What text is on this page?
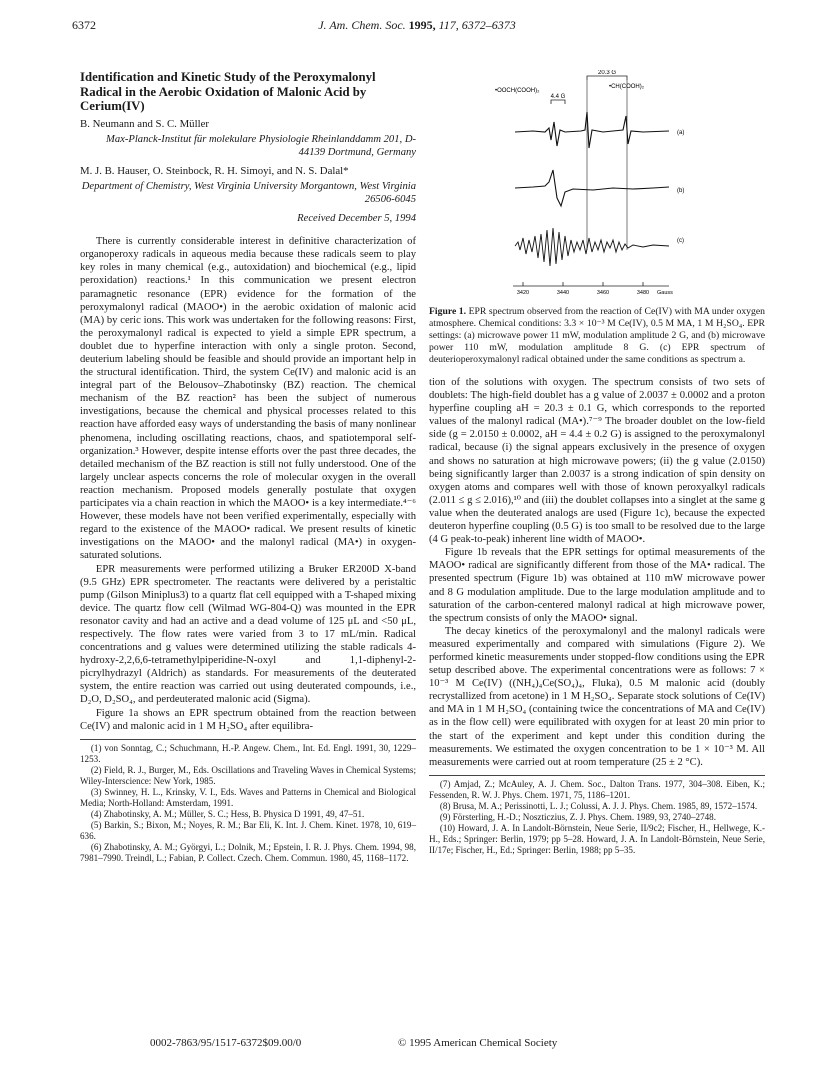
6372	J. Am. Chem. Soc. 1995, 117, 6372–6373
Identification and Kinetic Study of the Peroxymalonyl Radical in the Aerobic Oxidation of Malonic Acid by Cerium(IV)

B. Neumann and S. C. Müller

Max-Planck-Institut für molekulare Physiologie Rheinlanddamm 201, D-44139 Dortmund, Germany

M. J. B. Hauser, O. Steinbock, R. H. Simoyi, and N. S. Dalal*

Department of Chemistry, West Virginia University Morgantown, West Virginia 26506-6045

Received December 5, 1994

There is currently considerable interest in definitive characterization of organoperoxy radicals in aqueous media because these radicals seem to play key roles in many chemical (e.g., autoxidation) and biochemical (e.g., lipid peroxidation) reactions.¹ In this communication we present electron paramagnetic resonance (EPR) evidence for the formation of the peroxymalonyl radical (MAOO•) in the aerobic oxidation of malonic acid (MA) by ceric ions. This work was undertaken for the following reasons: First, the peroxymalonyl radical is expected to yield a simple EPR spectrum, a doublet due to hyperfine interaction with only a single proton. Second, deuterium labeling should be feasible and should provide an important help in the structural identification. Third, the system Ce(IV) and malonic acid is an integral part of the Belousov–Zhabotinsky (BZ) reaction. The chemical mechanism of the BZ reaction² has been the subject of numerous investigations, because the chemical and physical processes related to this reaction have afforded easy ways of understanding the basis of many nonlinear phenomena, including oscillating reactions, chaos, and spatiotemporal self-organization.³ However, despite intense efforts over the past three decades, the detailed mechanism of the BZ reaction is still not fully understood. One of the largely unclear aspects concerns the role of molecular oxygen in the overall reaction mechanism. Proposed models generally postulate that oxygen participates via a chain reaction in which the MAOO• is a key intermediate.⁴⁻⁶ However, these models have not been verified experimentally, especially with regard to the existence of the MAOO• radical. We present results of kinetic investigations on the MAOO• and the malonyl radical (MA•) in oxygen-saturated solutions.

EPR measurements were performed utilizing a Bruker ER200D X-band (9.5 GHz) EPR spectrometer. The reactants were delivered by a peristaltic pump (Gilson Miniplus3) to a quartz flat cell equipped with a T-shaped mixing device. The quartz flow cell (Wilmad WG-804-Q) was mounted in the EPR resonator cavity and had an active and a dead volume of 125 μL and <50 μL, respectively. The flow rates were varied from 3 to 17 mL/min. Radical concentrations and g values were determined utilizing the stable radicals 4-hydroxy-2,2,6,6-tetramethylpiperidine-N-oxyl and 1,1-diphenyl-2-picrylhydrazyl (Aldrich) as standards. For measurements of the deuterated system, the entire reaction was carried out using deuterated compounds, i.e., D₂O, D₂SO₄, and perdeuterated malonic acid (Sigma).

Figure 1a shows an EPR spectrum obtained from the reaction between Ce(IV) and malonic acid in 1 M H₂SO₄ after equilibra-

(1) von Sonntag, C.; Schuchmann, H.-P. Angew. Chem., Int. Ed. Engl. 1991, 30, 1229–1253.

(2) Field, R. J., Burger, M., Eds. Oscillations and Traveling Waves in Chemical Systems; Wiley-Interscience: New York, 1985.

(3) Swinney, H. L., Krinsky, V. I., Eds. Waves and Patterns in Chemical and Biological Media; North-Holland: Amsterdam, 1991.

(4) Zhabotinsky, A. M.; Müller, S. C.; Hess, B. Physica D 1991, 49, 47–51.

(5) Barkin, S.; Bixon, M.; Noyes, R. M.; Bar Eli, K. Int. J. Chem. Kinet. 1978, 10, 619–636.

(6) Zhabotinsky, A. M.; Györgyi, L.; Dolnik, M.; Epstein, I. R. J. Phys. Chem. 1994, 98, 7981–7990. Treindl, L.; Fabian, P. Collect. Czech. Chem. Commun. 1980, 45, 1168–1172.

20.3 G
•CH(COOH)₂
•OOCH(COOH)₂
4.4 G
(a)
(b)
(c)
3420	3440	3460	3480 Gauss

Figure 1. EPR spectrum observed from the reaction of Ce(IV) with MA under oxygen atmosphere. Chemical conditions: 3.3 × 10⁻³ M Ce(IV), 0.5 M MA, 1 M H₂SO₄. EPR settings: (a) microwave power 11 mW, modulation amplitude 2 G, and (b) microwave power 110 mW, modulation amplitude 8 G. (c) EPR spectrum of deuterioperoxymalonyl radical obtained under the same conditions as spectrum a.

tion of the solutions with oxygen. The spectrum consists of two sets of doublets: The high-field doublet has a g value of 2.0037 ± 0.0002 and a proton hyperfine coupling aH = 20.3 ± 0.1 G, which corresponds to the reported values of the malonyl radical (MA•).⁷⁻⁹ The broader doublet on the low-field side (g = 2.0150 ± 0.0002, aH = 4.4 ± 0.2 G) is assigned to the peroxymalonyl radical, because (i) the signal appears exclusively in the presence of oxygen and shows no saturation at high microwave powers; (ii) the g value (2.0150) being significantly larger than 2.0037 is a strong indication of spin density on oxygen atoms and compares well with those of known peroxyalkyl radicals (2.011 ≤ g ≤ 2.016),¹⁰ and (iii) the doublet collapses into a singlet at the same g value when the deuterated analogs are used (Figure 1c), because the expected deuteron hyperfine coupling (0.5 G) is too small to be resolved due to the large (4 G peak-to-peak) inherent line width of MAOO•.

Figure 1b reveals that the EPR settings for optimal measurements of the MAOO• radical are significantly different from those of the MA• radical. The presented spectrum (Figure 1b) was obtained at 110 mW microwave power and 8 G modulation amplitude. Due to the large modulation amplitude and to saturation of the carbon-centered malonyl radical at high microwave power, the spectrum consists of only the MAOO• signal.

The decay kinetics of the peroxymalonyl and the malonyl radicals were measured experimentally and compared with simulations (Figure 2). We performed kinetic measurements under stopped-flow conditions using the EPR setup described above. The experimental concentrations were as follows: 7 × 10⁻³ M Ce(IV) ((NH₄)₄Ce(SO₄)₄, Fluka), 0.5 M malonic acid (doubly recrystallized from acetone) in 1 M H₂SO₄. Separate stock solutions of Ce(IV) and MA in 1 M H₂SO₄ (containing twice the concentrations of MA and Ce(IV) as in the flow cell) were equilibrated with oxygen for at least 20 min prior to the start of the experiment and kept under this condition during the measurements. We estimated the oxygen concentration to be 1 × 10⁻³ M. All measurements were carried out at room temperature (25 ± 2 °C).

(7) Amjad, Z.; McAuley, A. J. Chem. Soc., Dalton Trans. 1977, 304–308. Eiben, K.; Fessenden, R. W. J. Phys. Chem. 1971, 75, 1186–1201.

(8) Brusa, M. A.; Perissinotti, L. J.; Colussi, A. J. J. Phys. Chem. 1985, 89, 1572–1574.

(9) Försterling, H.-D.; Noszticzius, Z. J. Phys. Chem. 1989, 93, 2740–2748.

(10) Howard, J. A. In Landolt-Börnstein, Neue Serie, II/9c2; Fischer, H., Hellwege, K.-H., Eds.; Springer: Berlin, 1979; pp 5–28. Howard, J. A. In Landolt-Börnstein, Neue Serie, II/17e; Fischer, H., Ed.; Springer: Berlin, 1988; pp 5–35.

0002-7863/95/1517-6372$09.00/0	© 1995 American Chemical Society
